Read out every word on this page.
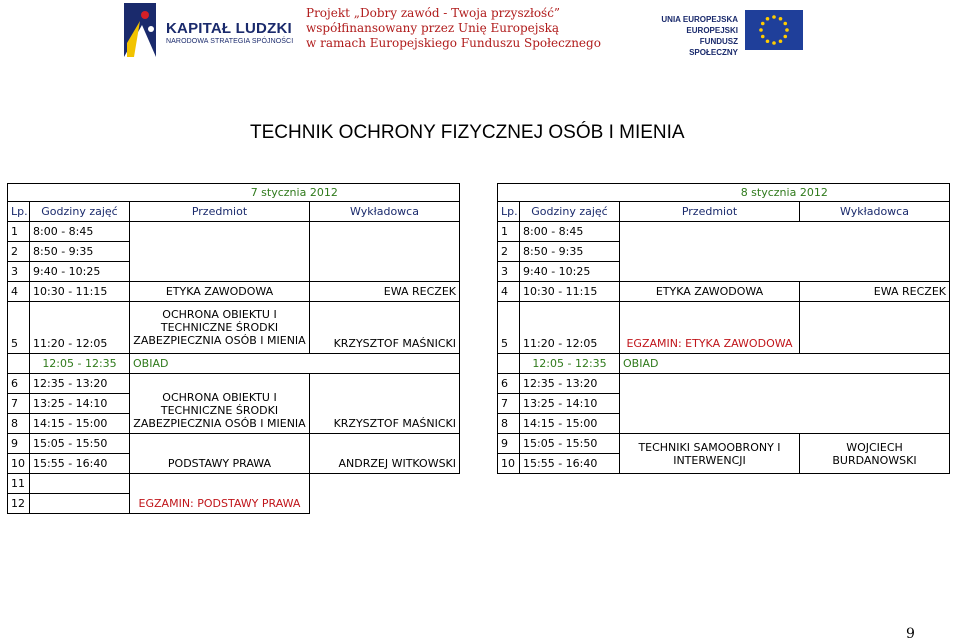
KAPITAŁ LUDZKI
NARODOWA STRATEGIA SPÓJNOŚCI
Projekt „Dobry zawód - Twoja przyszłość”
współfinansowany przez Unię Europejską
w ramach Europejskiego Funduszu Społecznego
UNIA EUROPEJSKA
EUROPEJSKI
FUNDUSZ SPOŁECZNY
TECHNIK OCHRONY FIZYCZNEJ OSÓB I MIENIA
		7 stycznia 2012	
Lp.	Godziny zajęć	Przedmiot	Wykładowca
1	8:00 - 8:45		
2	8:50 - 9:35		
3	9:40 - 10:25		
4	10:30 - 11:15	ETYKA ZAWODOWA	EWA RECZEK
5	11:20 - 12:05	OCHRONA OBIEKTU I TECHNICZNE ŚRODKI ZABEZPIECZNIA OSÓB I MIENIA	KRZYSZTOF MAŚNICKI
	12:05 - 12:35	OBIAD	
6	12:35 - 13:20	OCHRONA OBIEKTU I TECHNICZNE ŚRODKI ZABEZPIECZNIA OSÓB I MIENIA	KRZYSZTOF MAŚNICKI
7	13:25 - 14:10		
8	14:15 - 15:00		
9	15:05 - 15:50	PODSTAWY PRAWA	ANDRZEJ WITKOWSKI
10	15:55 - 16:40		
11		EGZAMIN: PODSTAWY PRAWA	
12			
		8 stycznia 2012	
Lp.	Godziny zajęć	Przedmiot	Wykładowca
1	8:00 - 8:45		
2	8:50 - 9:35		
3	9:40 - 10:25		
4	10:30 - 11:15	ETYKA ZAWODOWA	EWA RECZEK
5	11:20 - 12:05	EGZAMIN: ETYKA ZAWODOWA	
	12:05 - 12:35	OBIAD	
6	12:35 - 13:20		
7	13:25 - 14:10		
8	14:15 - 15:00		
9	15:05 - 15:50	TECHNIKI SAMOOBRONY I INTERWENCJI	WOJCIECH BURDANOWSKI
10	15:55 - 16:40		
9
